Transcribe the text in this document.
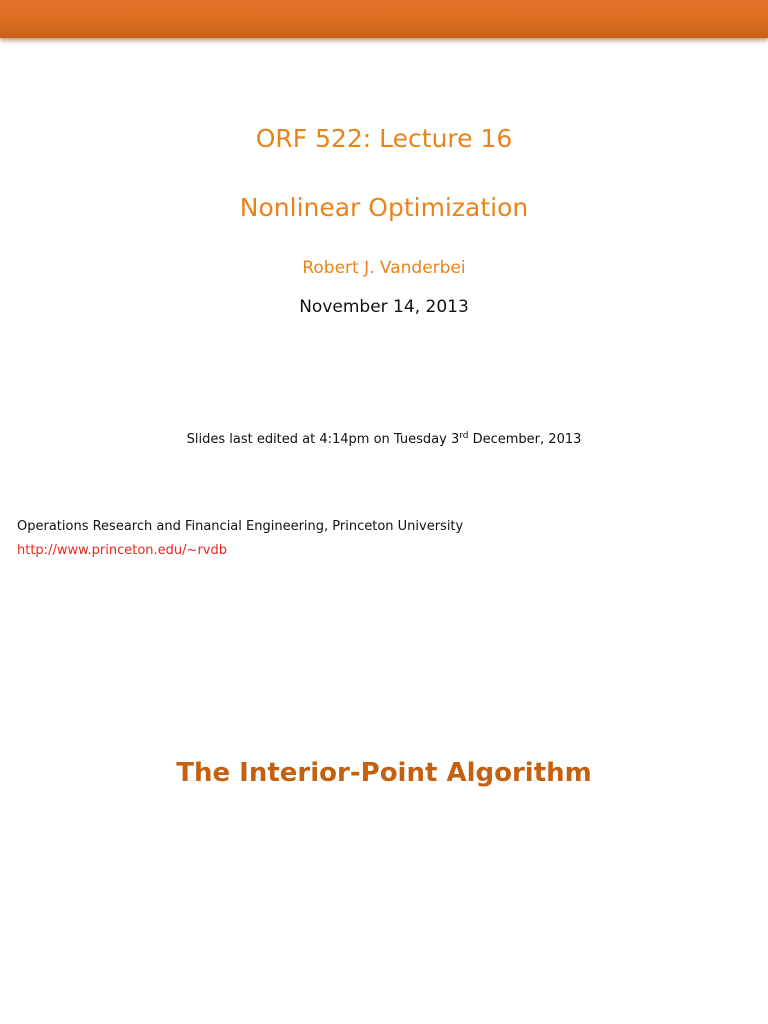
ORF 522: Lecture 16
Nonlinear Optimization
Robert J. Vanderbei
November 14, 2013
Slides last edited at 4:14pm on Tuesday 3rd December, 2013
Operations Research and Financial Engineering, Princeton University
http://www.princeton.edu/~rvdb
The Interior-Point Algorithm
